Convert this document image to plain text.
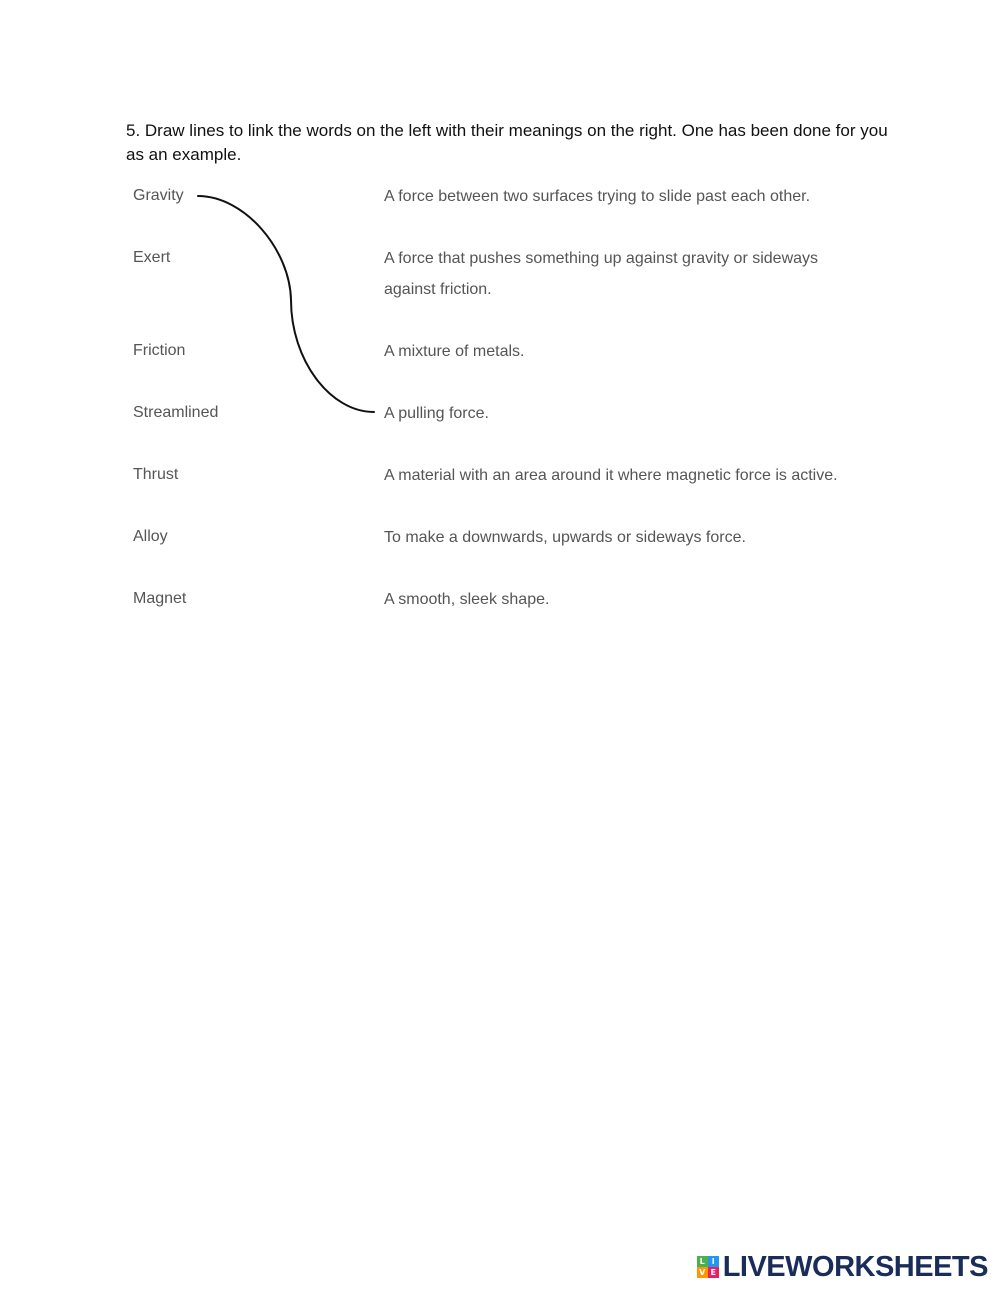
5. Draw lines to link the words on the left with their meanings on the right. One has been done for you as an example.
Gravity
Exert
Friction
Streamlined
Thrust
Alloy
Magnet
A force between two surfaces trying to slide past each other.
A force that pushes something up against gravity or sideways against friction.
A mixture of metals.
A pulling force.
A material with an area around it where magnetic force is active.
To make a downwards, upwards or sideways force.
A smooth, sleek shape.
L I
V E LIVEWORKSHEETS
